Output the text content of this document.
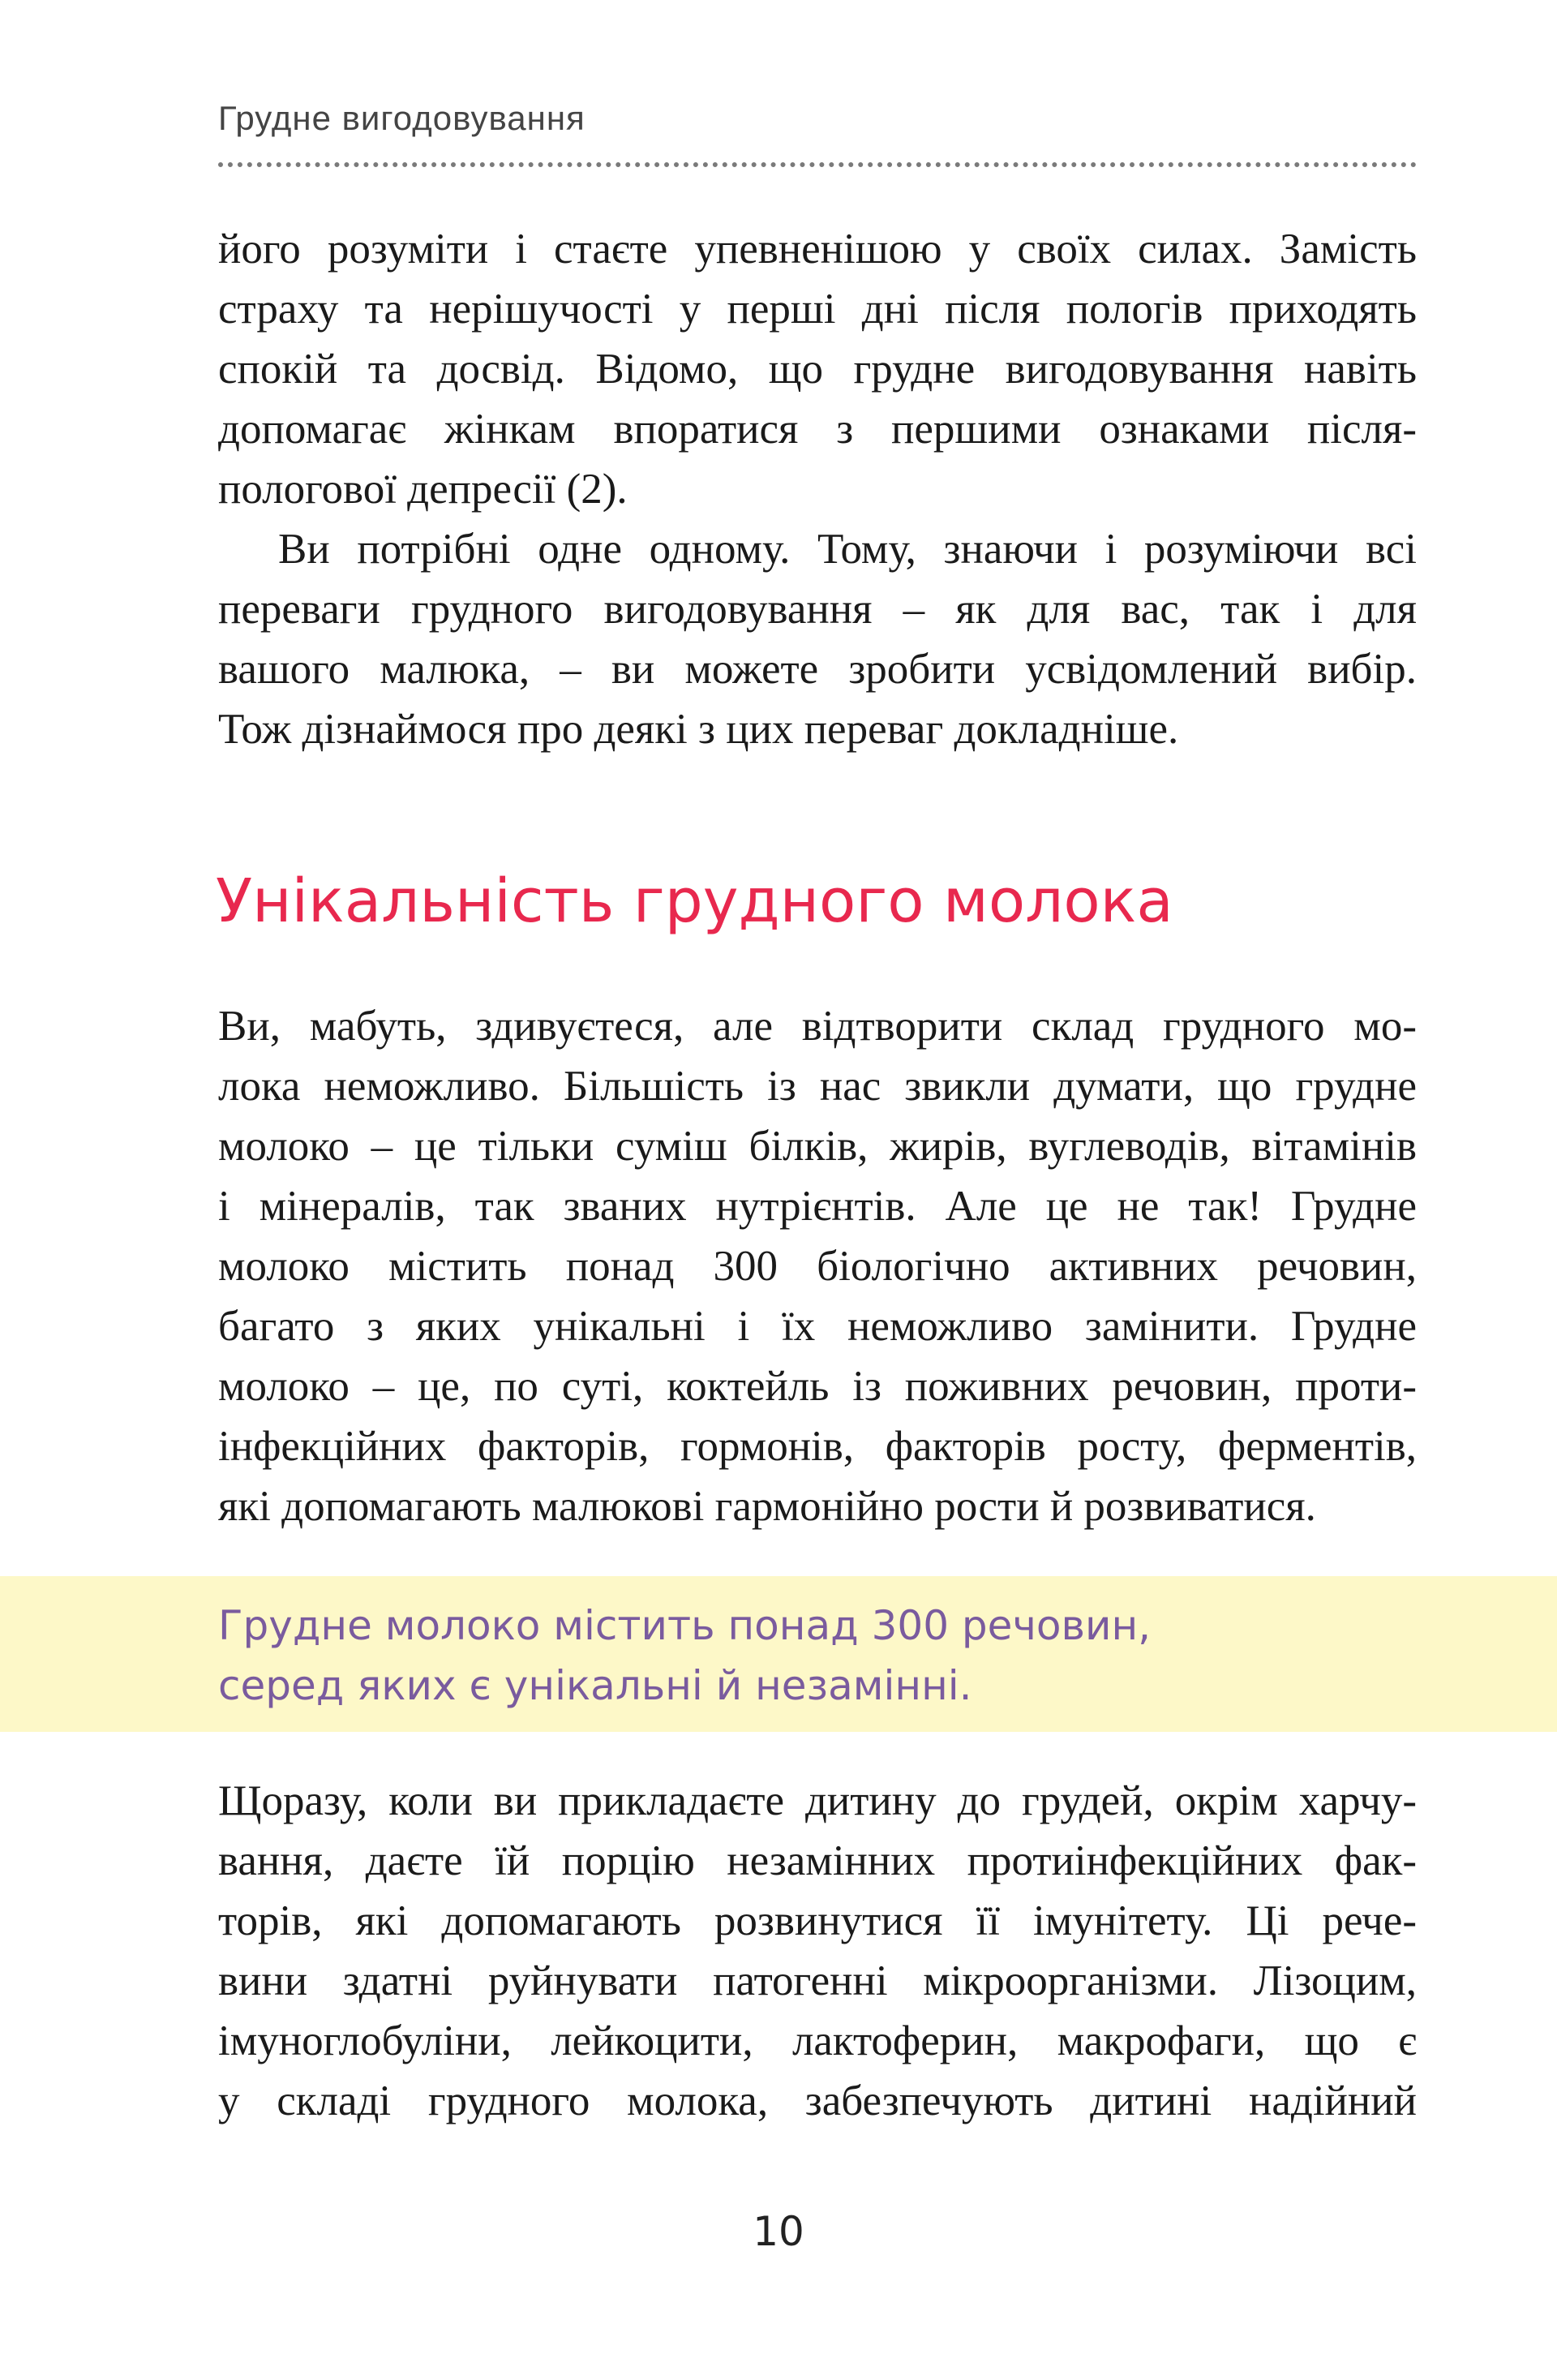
Грудне вигодовування
його розуміти і стаєте упевненішою у своїх силах. Замість
страху та нерішучості у перші дні після пологів приходять
спокій та досвід. Відомо, що грудне вигодовування навіть
допомагає жінкам впоратися з першими ознаками після-
пологової депресії (2).
Ви потрібні одне одному. Тому, знаючи і розуміючи всі
переваги грудного вигодовування – як для вас, так і для
вашого малюка, – ви можете зробити усвідомлений вибір.
Тож дізнаймося про деякі з цих переваг докладніше.
Унікальність грудного молока
Ви, мабуть, здивуєтеся, але відтворити склад грудного мо-
лока неможливо. Більшість із нас звикли думати, що грудне
молоко – це тільки суміш білків, жирів, вуглеводів, вітамінів
і мінералів, так званих нутрієнтів. Але це не так! Грудне
молоко містить понад 300 біологічно активних речовин,
багато з яких унікальні і їх неможливо замінити. Грудне
молоко – це, по суті, коктейль із поживних речовин, проти-
інфекційних факторів, гормонів, факторів росту, ферментів,
які допомагають малюкові гармонійно рости й розвиватися.
Грудне молоко містить понад 300 речовин,
серед яких є унікальні й незамінні.
Щоразу, коли ви прикладаєте дитину до грудей, окрім харчу-
вання, даєте їй порцію незамінних протиінфекційних фак-
торів, які допомагають розвинутися її імунітету. Ці рече-
вини здатні руйнувати патогенні мікроорганізми. Лізоцим,
імуноглобуліни, лейкоцити, лактоферин, макрофаги, що є
у складі грудного молока, забезпечують дитині надійний
10
